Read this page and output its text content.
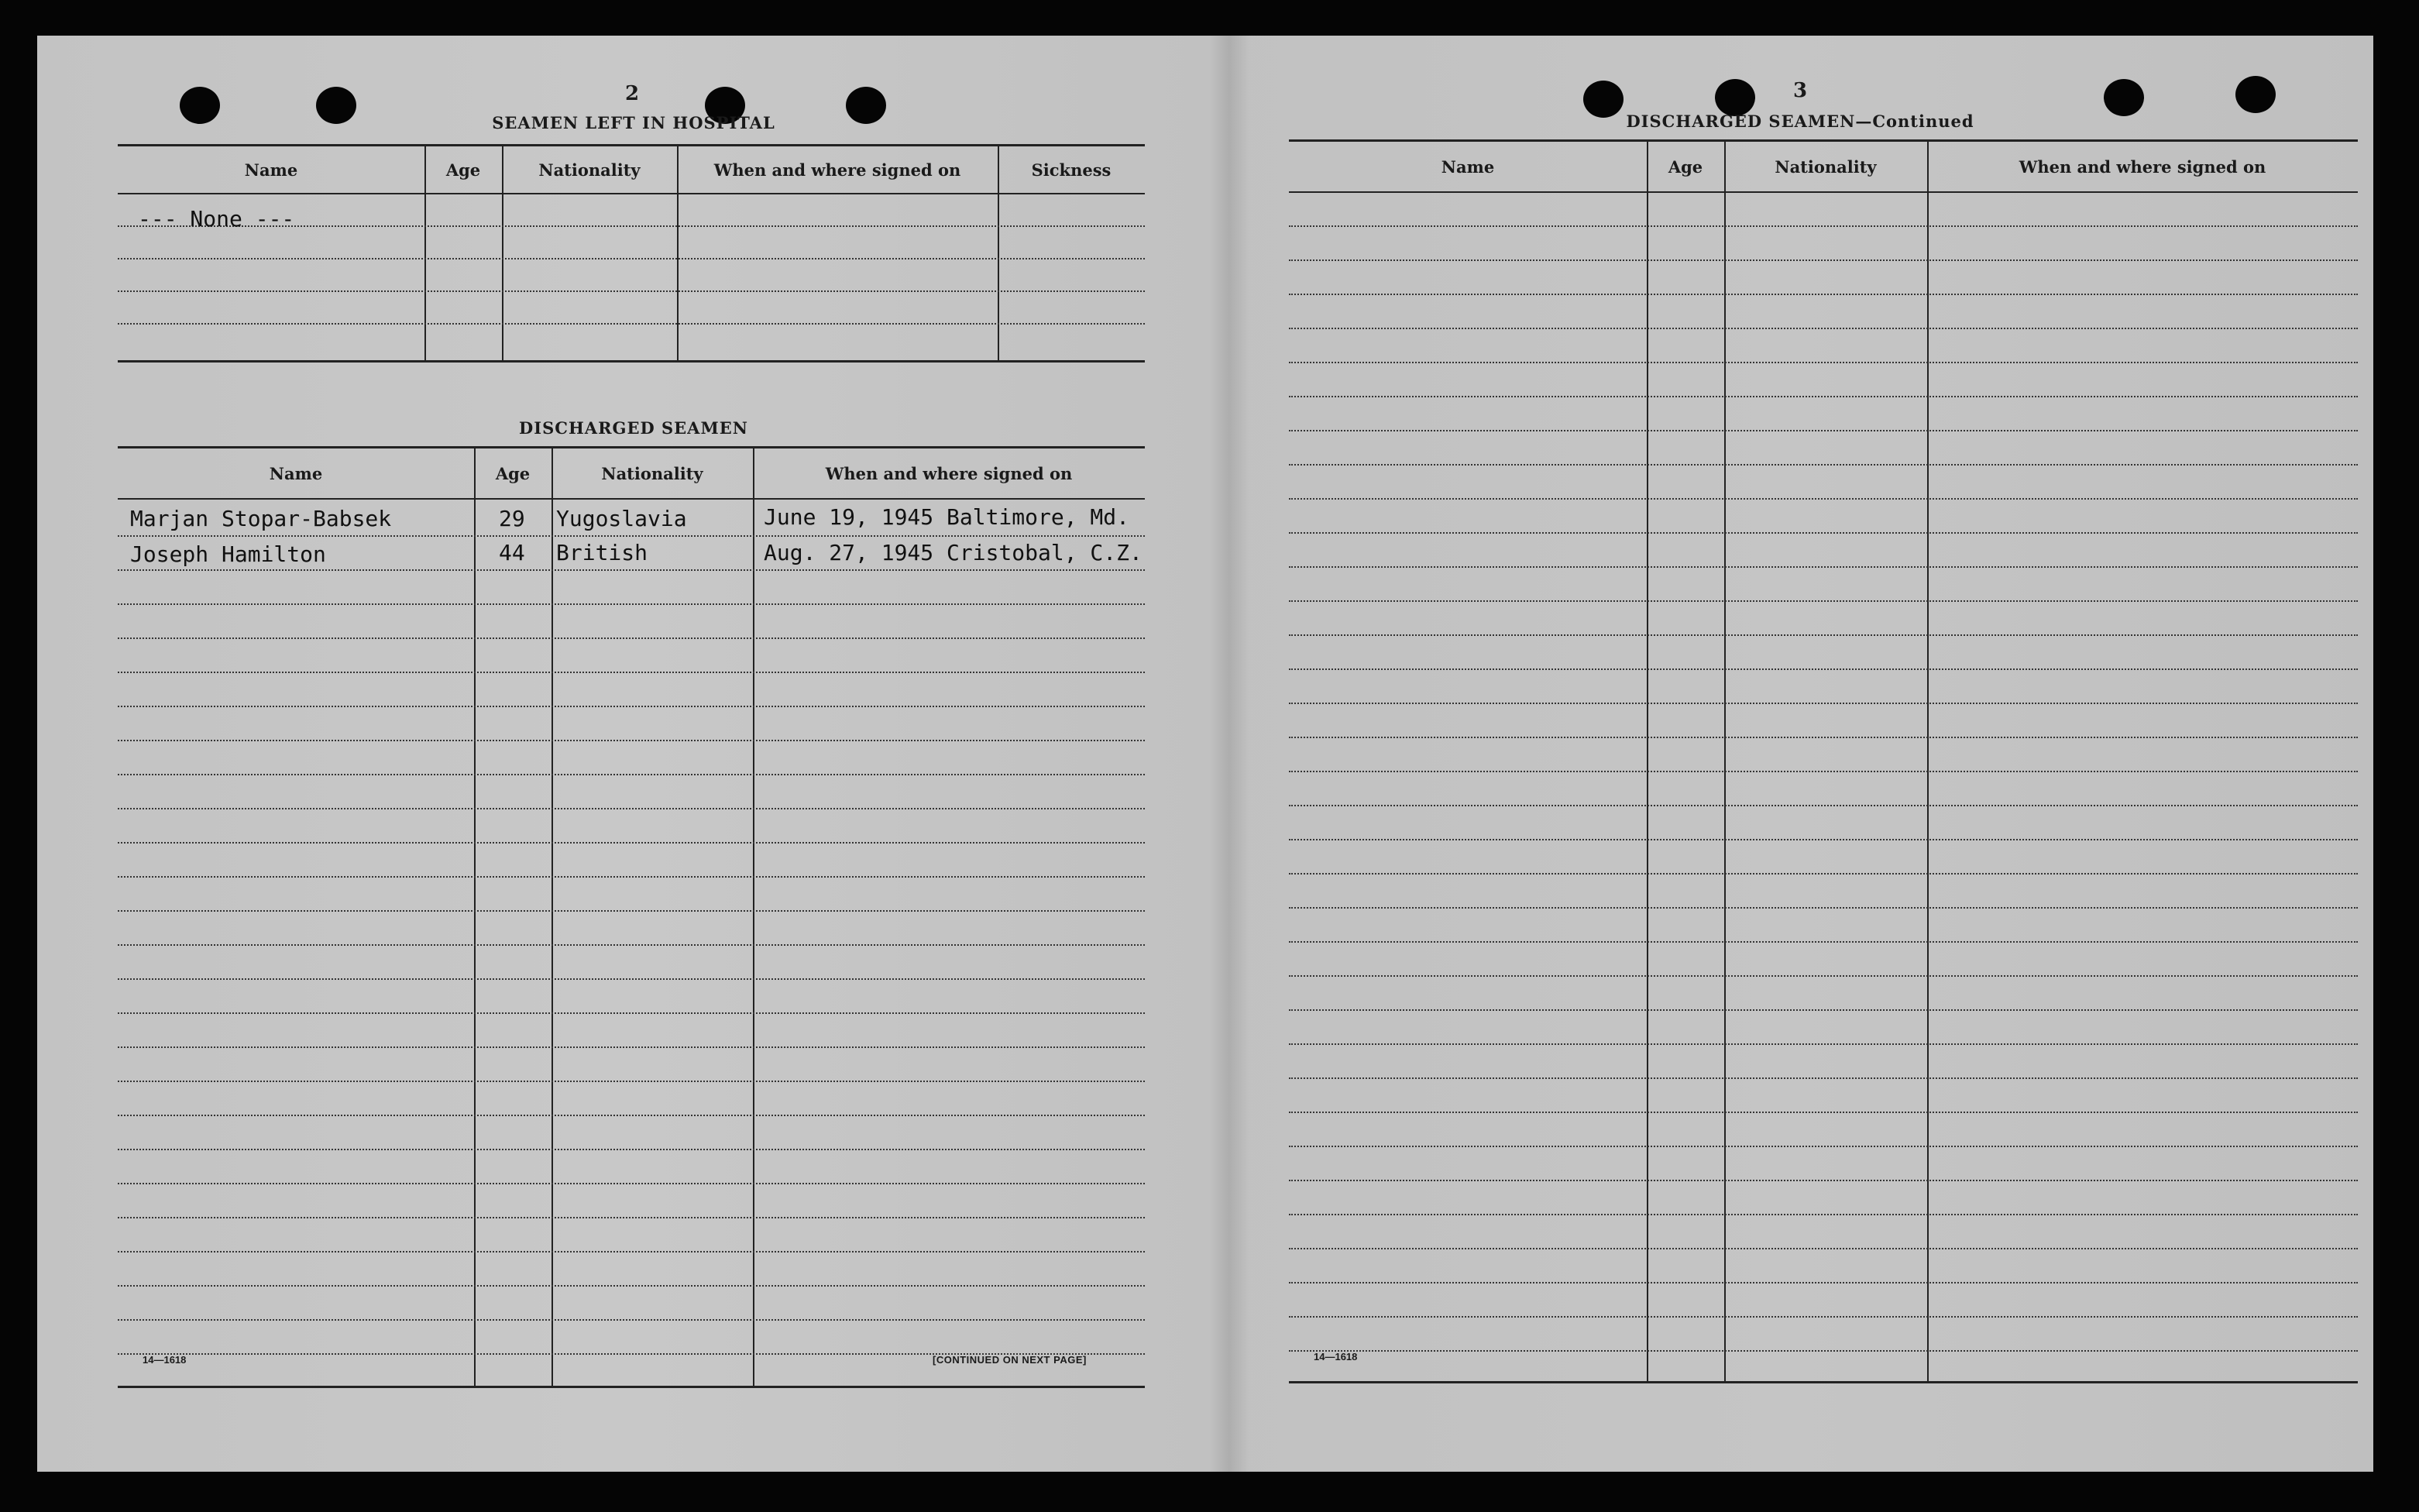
2
SEAMEN LEFT IN HOSPITAL
Name	Age	Nationality	When and where signed on	Sickness
--- None ---
DISCHARGED SEAMEN
Name	Age	Nationality	When and where signed on
Marjan Stopar-Babsek	29 Yugoslavia	June 19, 1945 Baltimore, Md.
Joseph Hamilton	44 British	Aug. 27, 1945 Cristobal, C.Z.
14—1618	[CONTINUED ON NEXT PAGE]
3
DISCHARGED SEAMEN—Continued
Name	Age	Nationality	When and where signed on
14—1618
